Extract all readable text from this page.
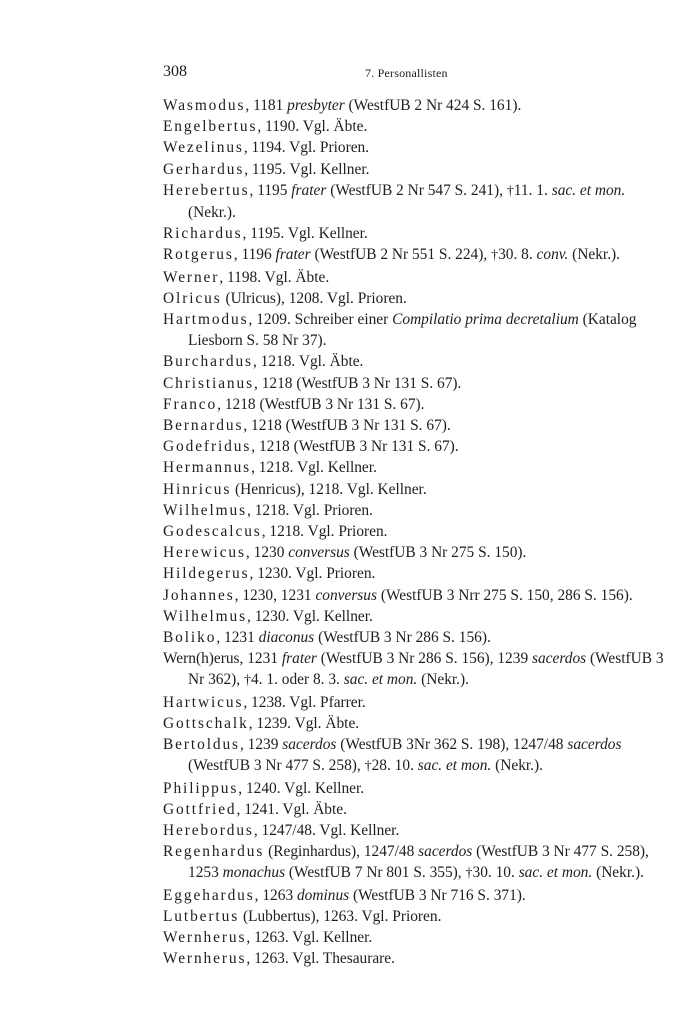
308	7. Personallisten

Wasmodus, 1181 presbyter (WestfUB 2 Nr 424 S. 161).

Engelbertus, 1190. Vgl. Äbte.

Wezelinus, 1194. Vgl. Prioren.

Gerhardus, 1195. Vgl. Kellner.

Herebertus, 1195 frater (WestfUB 2 Nr 547 S. 241), †11. 1. sac. et mon. (Nekr.).

Richardus, 1195. Vgl. Kellner.

Rotgerus, 1196 frater (WestfUB 2 Nr 551 S. 224), †30. 8. conv. (Nekr.).

Werner, 1198. Vgl. Äbte.

Olricus (Ulricus), 1208. Vgl. Prioren.

Hartmodus, 1209. Schreiber einer Compilatio prima decretalium (Katalog Liesborn S. 58 Nr 37).

Burchardus, 1218. Vgl. Äbte.

Christianus, 1218 (WestfUB 3 Nr 131 S. 67).

Franco, 1218 (WestfUB 3 Nr 131 S. 67).

Bernardus, 1218 (WestfUB 3 Nr 131 S. 67).

Godefridus, 1218 (WestfUB 3 Nr 131 S. 67).

Hermannus, 1218. Vgl. Kellner.

Hinricus (Henricus), 1218. Vgl. Kellner.

Wilhelmus, 1218. Vgl. Prioren.

Godescalcus, 1218. Vgl. Prioren.

Herewicus, 1230 conversus (WestfUB 3 Nr 275 S. 150).

Hildegerus, 1230. Vgl. Prioren.

Johannes, 1230, 1231 conversus (WestfUB 3 Nrr 275 S. 150, 286 S. 156).

Wilhelmus, 1230. Vgl. Kellner.

Boliko, 1231 diaconus (WestfUB 3 Nr 286 S. 156).

Wern(h)erus, 1231 frater (WestfUB 3 Nr 286 S. 156), 1239 sacerdos (WestfUB 3 Nr 362), †4. 1. oder 8. 3. sac. et mon. (Nekr.).

Hartwicus, 1238. Vgl. Pfarrer.

Gottschalk, 1239. Vgl. Äbte.

Bertoldus, 1239 sacerdos (WestfUB 3Nr 362 S. 198), 1247/48 sacerdos (WestfUB 3 Nr 477 S. 258), †28. 10. sac. et mon. (Nekr.).

Philippus, 1240. Vgl. Kellner.

Gottfried, 1241. Vgl. Äbte.

Herebordus, 1247/48. Vgl. Kellner.

Regenhardus (Reginhardus), 1247/48 sacerdos (WestfUB 3 Nr 477 S. 258), 1253 monachus (WestfUB 7 Nr 801 S. 355), †30. 10. sac. et mon. (Nekr.).

Eggehardus, 1263 dominus (WestfUB 3 Nr 716 S. 371).

Lutbertus (Lubbertus), 1263. Vgl. Prioren.

Wernherus, 1263. Vgl. Kellner.

Wernherus, 1263. Vgl. Thesaurare.
